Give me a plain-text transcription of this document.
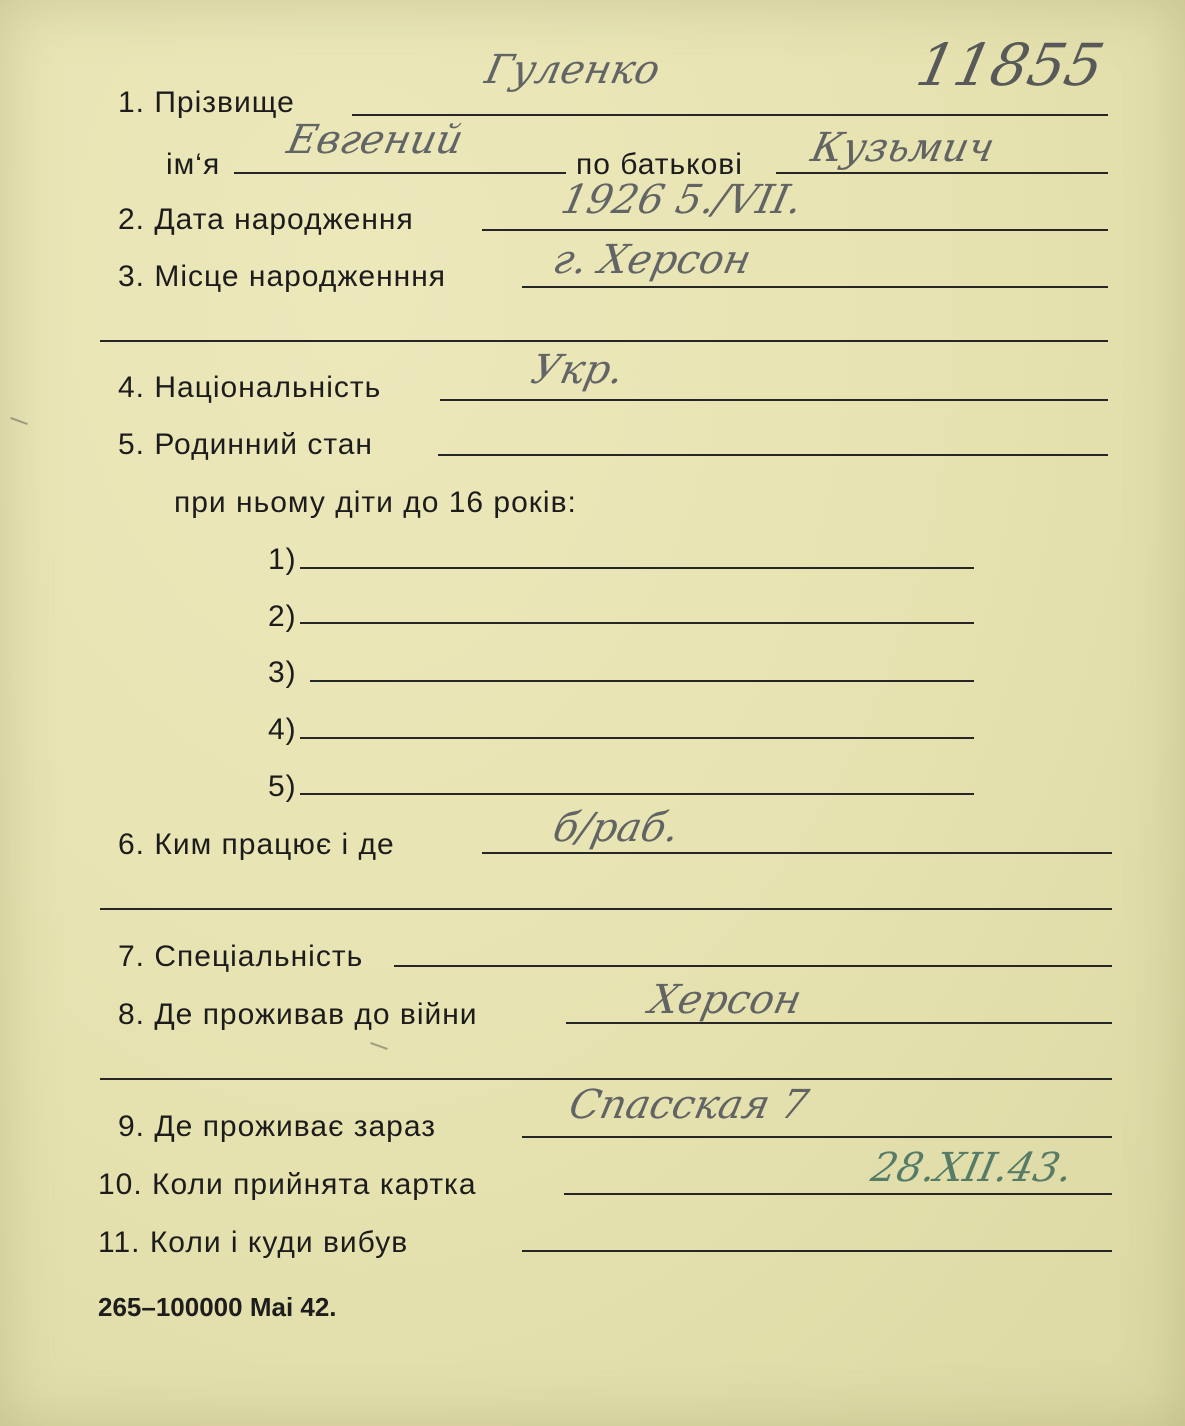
1. Прізвище
Гуленко	11855
ім‘я
Евгений
по батькові Кузьмич
2. Дата народження	1926 5./VII.
3. Місце народженння	г. Херсон
4. Національність	Укр.
5. Родинний стан
при ньому діти до 16 років:
1)
2)
3)
4)
5)
6. Ким працює і де	б/раб.
7. Спеціальність
8. Де проживав до війни	Херсон
9. Де проживає зараз	Спасская 7
10. Коли прийнята картка	28.XII.43.
11. Коли і куди вибув
265–100000 Mai 42.
